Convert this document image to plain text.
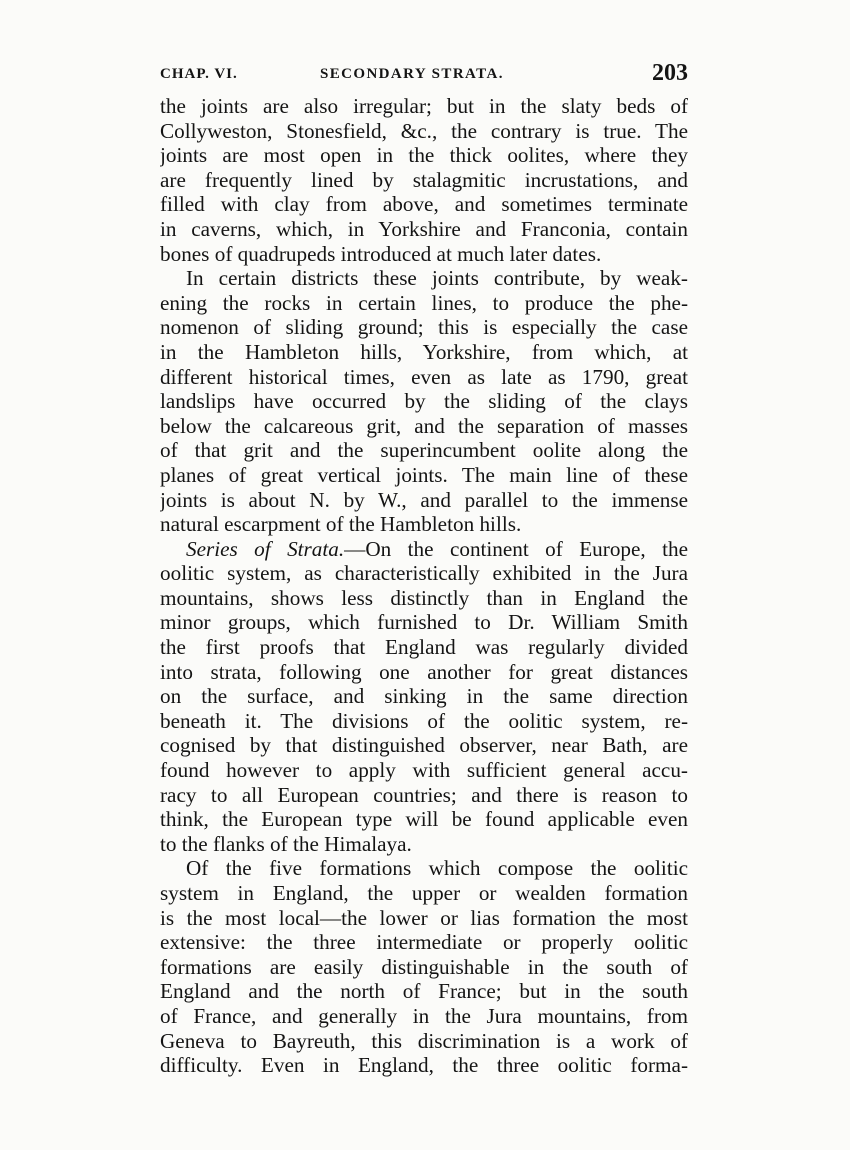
CHAP. VI.	SECONDARY STRATA.	203
the joints are also irregular; but in the slaty beds of
Collyweston, Stonesfield, &c., the contrary is true. The
joints are most open in the thick oolites, where they
are frequently lined by stalagmitic incrustations, and
filled with clay from above, and sometimes terminate
in caverns, which, in Yorkshire and Franconia, contain
bones of quadrupeds introduced at much later dates.
In certain districts these joints contribute, by weak-
ening the rocks in certain lines, to produce the phe-
nomenon of sliding ground; this is especially the case
in the Hambleton hills, Yorkshire, from which, at
different historical times, even as late as 1790, great
landslips have occurred by the sliding of the clays
below the calcareous grit, and the separation of masses
of that grit and the superincumbent oolite along the
planes of great vertical joints. The main line of these
joints is about N. by W., and parallel to the immense
natural escarpment of the Hambleton hills.
Series of Strata.—On the continent of Europe, the
oolitic system, as characteristically exhibited in the Jura
mountains, shows less distinctly than in England the
minor groups, which furnished to Dr. William Smith
the first proofs that England was regularly divided
into strata, following one another for great distances
on the surface, and sinking in the same direction
beneath it. The divisions of the oolitic system, re-
cognised by that distinguished observer, near Bath, are
found however to apply with sufficient general accu-
racy to all European countries; and there is reason to
think, the European type will be found applicable even
to the flanks of the Himalaya.
Of the five formations which compose the oolitic
system in England, the upper or wealden formation
is the most local—the lower or lias formation the most
extensive: the three intermediate or properly oolitic
formations are easily distinguishable in the south of
England and the north of France; but in the south
of France, and generally in the Jura mountains, from
Geneva to Bayreuth, this discrimination is a work of
difficulty. Even in England, the three oolitic forma-
